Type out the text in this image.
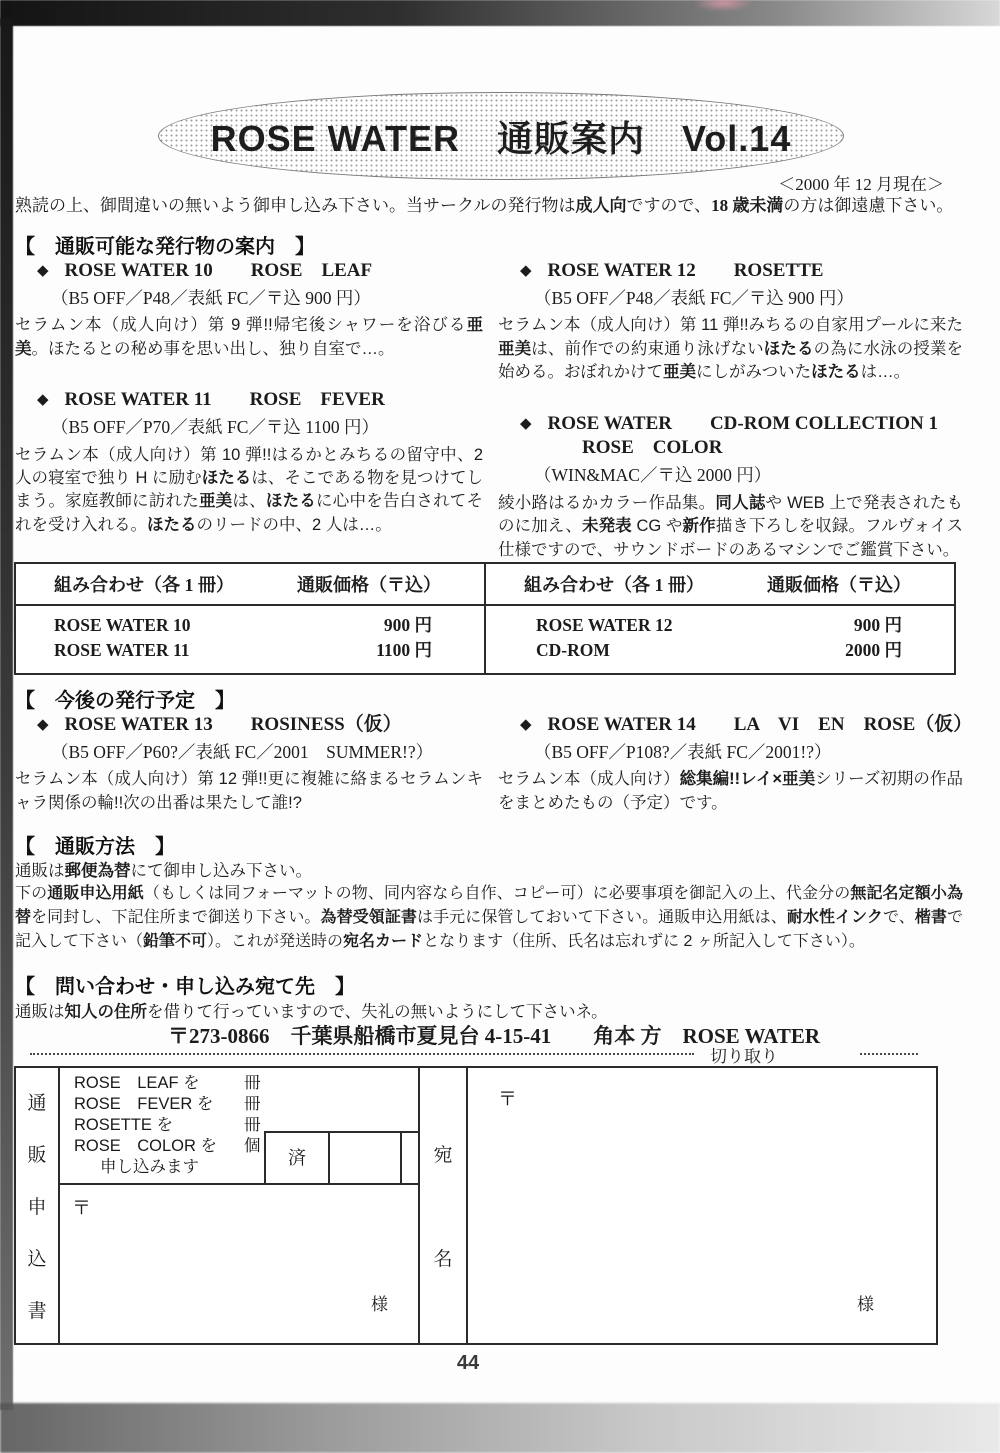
ROSE WATER　通販案内　Vol.14
＜2000 年 12 月現在＞
熟読の上、御間違いの無いよう御申し込み下さい。当サークルの発行物は成人向ですので、18 歳未満の方は御遠慮下さい。
【　通販可能な発行物の案内　】
◆ ROSE WATER 10　　ROSE　LEAF
（B5 OFF／P48／表紙 FC／〒込 900 円）
セラムン本（成人向け）第 9 弾!!帰宅後シャワーを浴びる亜美。ほたるとの秘め事を思い出し、独り自室で…。
◆ ROSE WATER 11　　ROSE　FEVER
（B5 OFF／P70／表紙 FC／〒込 1100 円）
セラムン本（成人向け）第 10 弾!!はるかとみちるの留守中、2 人の寝室で独り H に励むほたるは、そこである物を見つけてしまう。家庭教師に訪れた亜美は、ほたるに心中を告白されてそれを受け入れる。ほたるのリードの中、2 人は…。
◆ ROSE WATER 12　　ROSETTE
（B5 OFF／P48／表紙 FC／〒込 900 円）
セラムン本（成人向け）第 11 弾!!みちるの自家用プールに来た亜美は、前作での約束通り泳げないほたるの為に水泳の授業を始める。おぼれかけて亜美にしがみついたほたるは…。
◆ ROSE WATER　　CD-ROM COLLECTION 1
ROSE　COLOR
（WIN&MAC／〒込 2000 円）
綾小路はるかカラー作品集。同人誌や WEB 上で発表されたものに加え、未発表 CG や新作描き下ろしを収録。フルヴォイス仕様ですので、サウンドボードのあるマシンでご鑑賞下さい。
組み合わせ（各 1 冊）	通販価格（〒込）
ROSE WATER 10	900 円
ROSE WATER 11	1100 円
組み合わせ（各 1 冊）	通販価格（〒込）
ROSE WATER 12	900 円
CD-ROM	2000 円
【　今後の発行予定　】
◆ ROSE WATER 13　　ROSINESS（仮）
（B5 OFF／P60?／表紙 FC／2001　SUMMER!?）
セラムン本（成人向け）第 12 弾!!更に複雑に絡まるセラムンキャラ関係の輪!!次の出番は果たして誰!?
◆ ROSE WATER 14　　LA　VI　EN　ROSE（仮）
（B5 OFF／P108?／表紙 FC／2001!?）
セラムン本（成人向け）総集編!!レイ×亜美シリーズ初期の作品をまとめたもの（予定）です。
【　通販方法　】
通販は郵便為替にて御申し込み下さい。
下の通販申込用紙（もしくは同フォーマットの物、同内容なら自作、コピー可）に必要事項を御記入の上、代金分の無記名定額小為替を同封し、下記住所まで御送り下さい。為替受領証書は手元に保管しておいて下さい。通販申込用紙は、耐水性インクで、楷書で記入して下さい（鉛筆不可）。これが発送時の宛名カードとなります（住所、氏名は忘れずに 2 ヶ所記入して下さい）。
【　問い合わせ・申し込み宛て先　】
通販は知人の住所を借りて行っていますので、失礼の無いようにして下さいネ。
〒273-0866　千葉県船橋市夏見台 4-15-41　　角本 方　ROSE WATER
切り取り
通
販
申
込
書
ROSE　LEAF を	冊
ROSE　FEVER を	冊
ROSETTE を	冊
ROSE　COLOR を	個
申し込みます	済
〒
様
宛
名
〒
様
44
